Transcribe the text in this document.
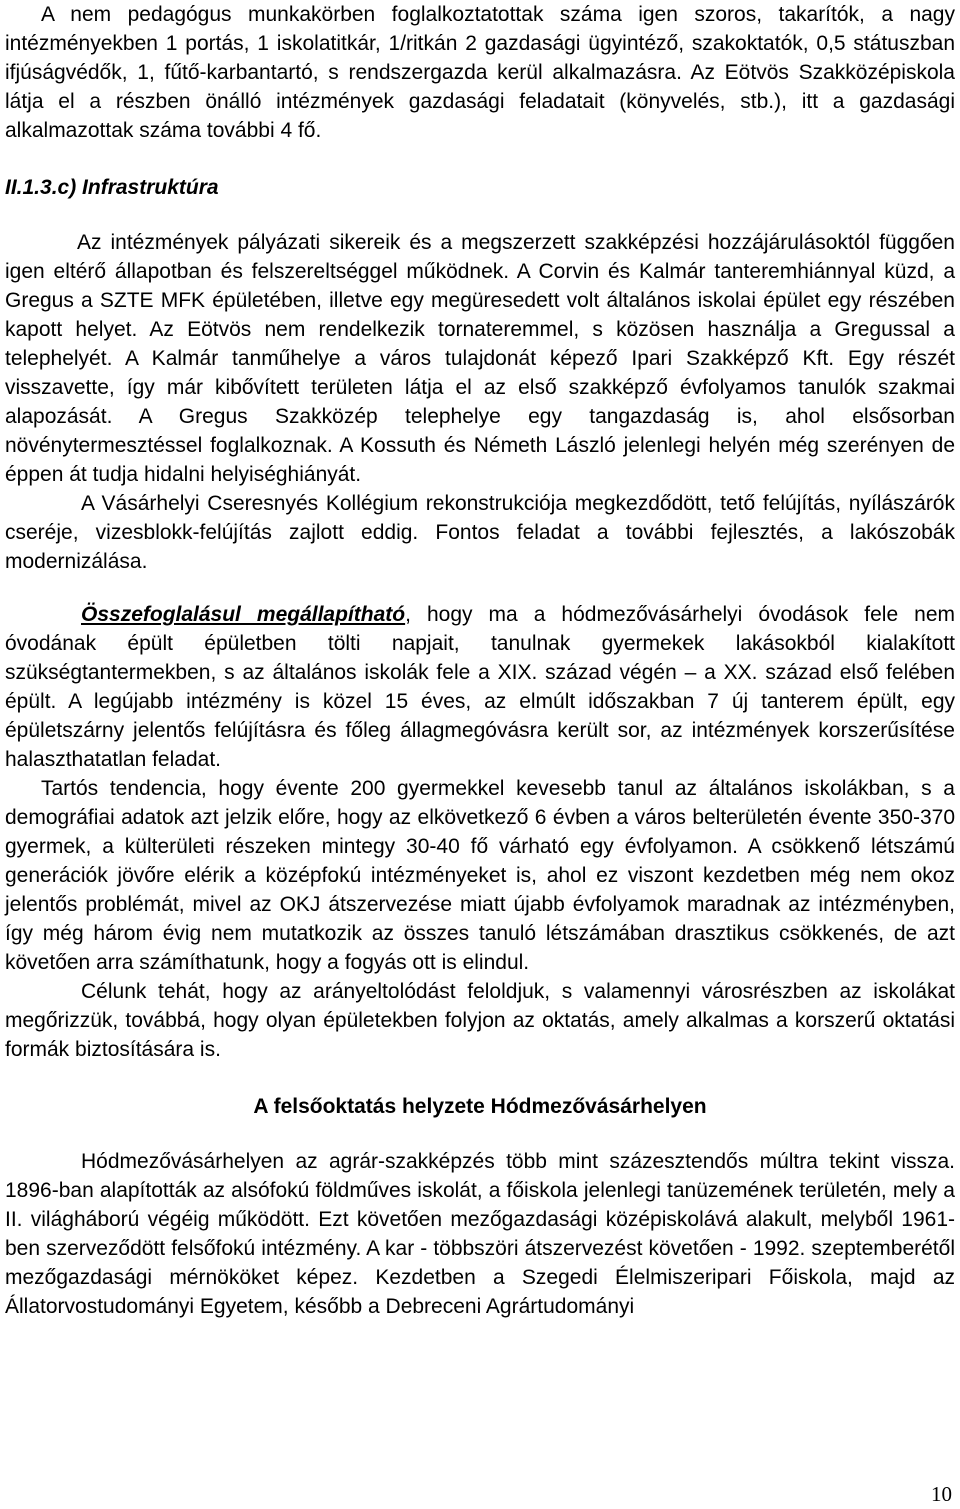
A nem pedagógus munkakörben foglalkoztatottak száma igen szoros, takarítók, a nagy intézményekben 1 portás, 1 iskolatitkár, 1/ritkán 2 gazdasági ügyintéző, szakoktatók, 0,5 státuszban ifjúságvédők, 1, fűtő-karbantartó, s rendszergazda kerül alkalmazásra. Az Eötvös Szakközépiskola látja el a részben önálló intézmények gazdasági feladatait (könyvelés, stb.), itt a gazdasági alkalmazottak száma további 4 fő.

II.1.3.c) Infrastruktúra

Az intézmények pályázati sikereik és a megszerzett szakképzési hozzájárulásoktól függően igen eltérő állapotban és felszereltséggel működnek. A Corvin és Kalmár tanteremhiánnyal küzd, a Gregus a SZTE MFK épületében, illetve egy megüresedett volt általános iskolai épület egy részében kapott helyet. Az Eötvös nem rendelkezik tornateremmel, s közösen használja a Gregussal a telephelyét. A Kalmár tanműhelye a város tulajdonát képező Ipari Szakképző Kft. Egy részét visszavette, így már kibővített területen látja el az első szakképző évfolyamos tanulók szakmai alapozását. A Gregus Szakközép telephelye egy tangazdaság is, ahol elsősorban növénytermesztéssel foglalkoznak. A Kossuth és Németh László jelenlegi helyén még szerényen de éppen át tudja hidalni helyiséghiányát.

A Vásárhelyi Cseresnyés Kollégium rekonstrukciója megkezdődött, tető felújítás, nyílászárók cseréje, vizesblokk-felújítás zajlott eddig. Fontos feladat a további fejlesztés, a lakószobák modernizálása.

Összefoglalásul megállapítható, hogy ma a hódmezővásárhelyi óvodások fele nem óvodának épült épületben tölti napjait, tanulnak gyermekek lakásokból kialakított szükségtantermekben, s az általános iskolák fele a XIX. század végén – a XX. század első felében épült. A legújabb intézmény is közel 15 éves, az elmúlt időszakban 7 új tanterem épült, egy épületszárny jelentős felújításra és főleg állagmegóvásra került sor, az intézmények korszerűsítése halaszthatatlan feladat.

Tartós tendencia, hogy évente 200 gyermekkel kevesebb tanul az általános iskolákban, s a demográfiai adatok azt jelzik előre, hogy az elkövetkező 6 évben a város belterületén évente 350-370 gyermek, a külterületi részeken mintegy 30-40 fő várható egy évfolyamon. A csökkenő létszámú generációk jövőre elérik a középfokú intézményeket is, ahol ez viszont kezdetben még nem okoz jelentős problémát, mivel az OKJ átszervezése miatt újabb évfolyamok maradnak az intézményben, így még három évig nem mutatkozik az összes tanuló létszámában drasztikus csökkenés, de azt követően arra számíthatunk, hogy a fogyás ott is elindul.

Célunk tehát, hogy az arányeltolódást feloldjuk, s valamennyi városrészben az iskolákat megőrizzük, továbbá, hogy olyan épületekben folyjon az oktatás, amely alkalmas a korszerű oktatási formák biztosítására is.

A felsőoktatás helyzete Hódmezővásárhelyen

Hódmezővásárhelyen az agrár-szakképzés több mint százesztendős múltra tekint vissza. 1896-ban alapították az alsófokú földműves iskolát, a főiskola jelenlegi tanüzemének területén, mely a II. világháború végéig működött. Ezt követően mezőgazdasági középiskolává alakult, melyből 1961-ben szerveződött felsőfokú intézmény. A kar - többszöri átszervezést követően - 1992. szeptemberétől mezőgazdasági mérnököket képez. Kezdetben a Szegedi Élelmiszeripari Főiskola, majd az Állatorvostudományi Egyetem, később a Debreceni Agrártudományi

10
